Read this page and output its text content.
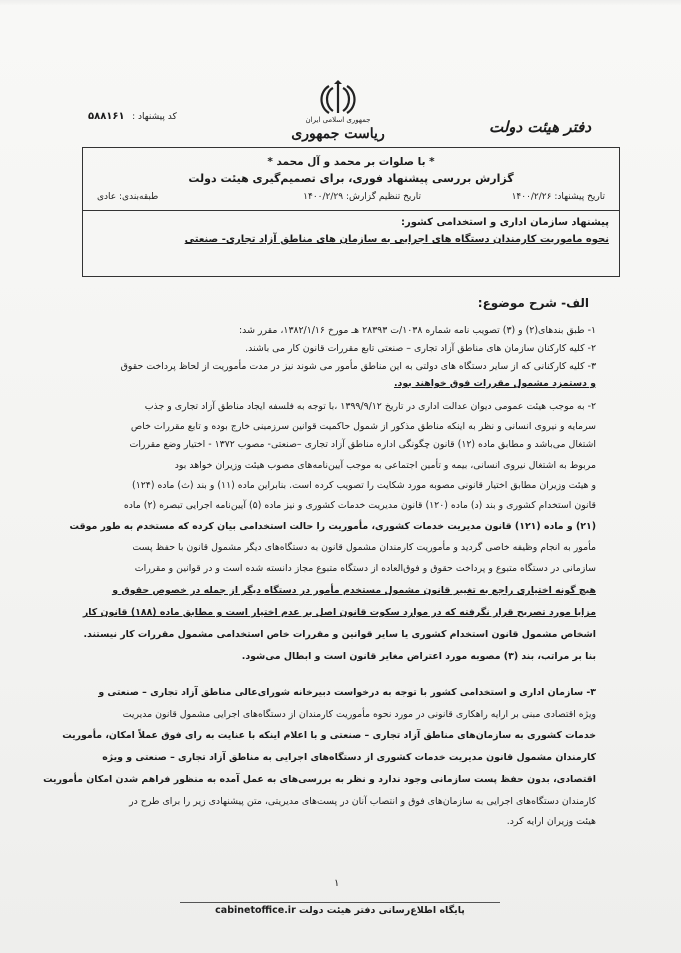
جمهوری اسلامی ایران
ریاست جمهوری	دفتر هیئت دولت
کد پیشنهاد : ۵۸۸۱۶۱
* با صلوات بر محمد و آل محمد *
گزارش بررسی پیشنهاد فوری، برای تصمیم‌گیری هیئت دولت
تاریخ پیشنهاد: ۱۴۰۰/۲/۲۶
تاریخ تنظیم گزارش: ۱۴۰۰/۲/۲۹
طبقه‌بندی: عادی
پیشنهاد سازمان اداری و استخدامی کشور:
نحوه ماموریت کارمندان دستگاه های اجرایی به سازمان های مناطق آزاد تجاری- صنعتی
الف- شرح موضوع:
۱- طبق بندهای(۲) و (۳) تصویب نامه شماره ۱۰۳۸/ت ۲۸۳۹۳ هـ مورخ ۱۳۸۲/۱/۱۶، مقرر شد:
۲- کلیه کارکنان سازمان های مناطق آزاد تجاری – صنعتی تابع مقررات قانون کار می باشند.
۳- کلیه کارکنانی که از سایر دستگاه های دولتی به این مناطق مأمور می شوند نیز در مدت مأموریت از لحاظ پرداخت حقوق
و دستمزد مشمول مقررات فوق خواهند بود.
۲- به موجب هیئت عمومی دیوان عدالت اداری در تاریخ ۱۳۹۹/۹/۱۲ ،با توجه به فلسفه ایجاد مناطق آزاد تجاری و جذب
سرمایه و نیروی انسانی و نظر به اینکه مناطق مذکور از شمول حاکمیت قوانین سرزمینی خارج بوده و تابع مقررات خاص
اشتغال می‌باشد و مطابق ماده (۱۲) قانون چگونگی اداره مناطق آزاد تجاری –صنعتی- مصوب ۱۳۷۲ - اختیار وضع مقررات
مربوط به اشتغال نیروی انسانی، بیمه و تأمین اجتماعی به موجب آیین‌نامه‌های مصوب هیئت وزیران خواهد بود
و هیئت وزیران مطابق اختیار قانونی مصوبه مورد شکایت را تصویب کرده است. بنابراین ماده (۱۱) و بند (ث) ماده (۱۲۴)
قانون استخدام کشوری و بند (د) ماده (۱۲۰) قانون مدیریت خدمات کشوری و نیز ماده (۵) آیین‌نامه اجرایی تبصره (۲) ماده
(۲۱) و ماده (۱۲۱) قانون مدیریت خدمات کشوری، مأموریت را حالت استخدامی بیان کرده که مستخدم به طور موقت
مأمور به انجام وظیفه خاصی گردید و مأموریت کارمندان مشمول قانون به دستگاه‌های دیگر مشمول قانون با حفظ پست
سازمانی در دستگاه متبوع و پرداخت حقوق و فوق‌العاده از دستگاه متبوع مجاز دانسته شده است و در قوانین و مقررات
هیچ گونه اختیاری راجع به تغییر قانون مشمول مستخدم مأمور در دستگاه دیگر از جمله در خصوص حقوق و
مزایا مورد تصریح قرار نگرفته که در موارد سکوت قانون اصل بر عدم اختیار است و مطابق ماده (۱۸۸) قانون کار
اشخاص مشمول قانون استخدام کشوری یا سایر قوانین و مقررات خاص استخدامی مشمول مقررات کار نیستند.
بنا بر مراتب، بند (۳) مصوبه مورد اعتراض مغایر قانون است و ابطال می‌شود.
۳- سازمان اداری و استخدامی کشور با توجه به درخواست دبیرخانه شورای‌عالی مناطق آزاد تجاری – صنعتی و
ویژه اقتصادی مبنی بر ارایه راهکاری قانونی در مورد نحوه مأموریت کارمندان از دستگاه‌های اجرایی مشمول قانون مدیریت
خدمات کشوری به سازمان‌های مناطق آزاد تجاری – صنعتی و با اعلام اینکه با عنایت به رای فوق عملاً امکان، مأموریت
کارمندان مشمول قانون مدیریت خدمات کشوری از دستگاه‌های اجرایی به مناطق آزاد تجاری – صنعتی و ویژه
اقتصادی، بدون حفظ پست سازمانی وجود ندارد و نظر به بررسی‌های به عمل آمده به منظور فراهم شدن امکان مأموریت
کارمندان دستگاه‌های اجرایی به سازمان‌های فوق و انتصاب آنان در پست‌های مدیریتی، متن پیشنهادی زیر را برای طرح در
هیئت وزیران ارایه کرد.
۱
پایگاه اطلاع‌رسانی دفتر هیئت دولت cabinetoffice.ir
